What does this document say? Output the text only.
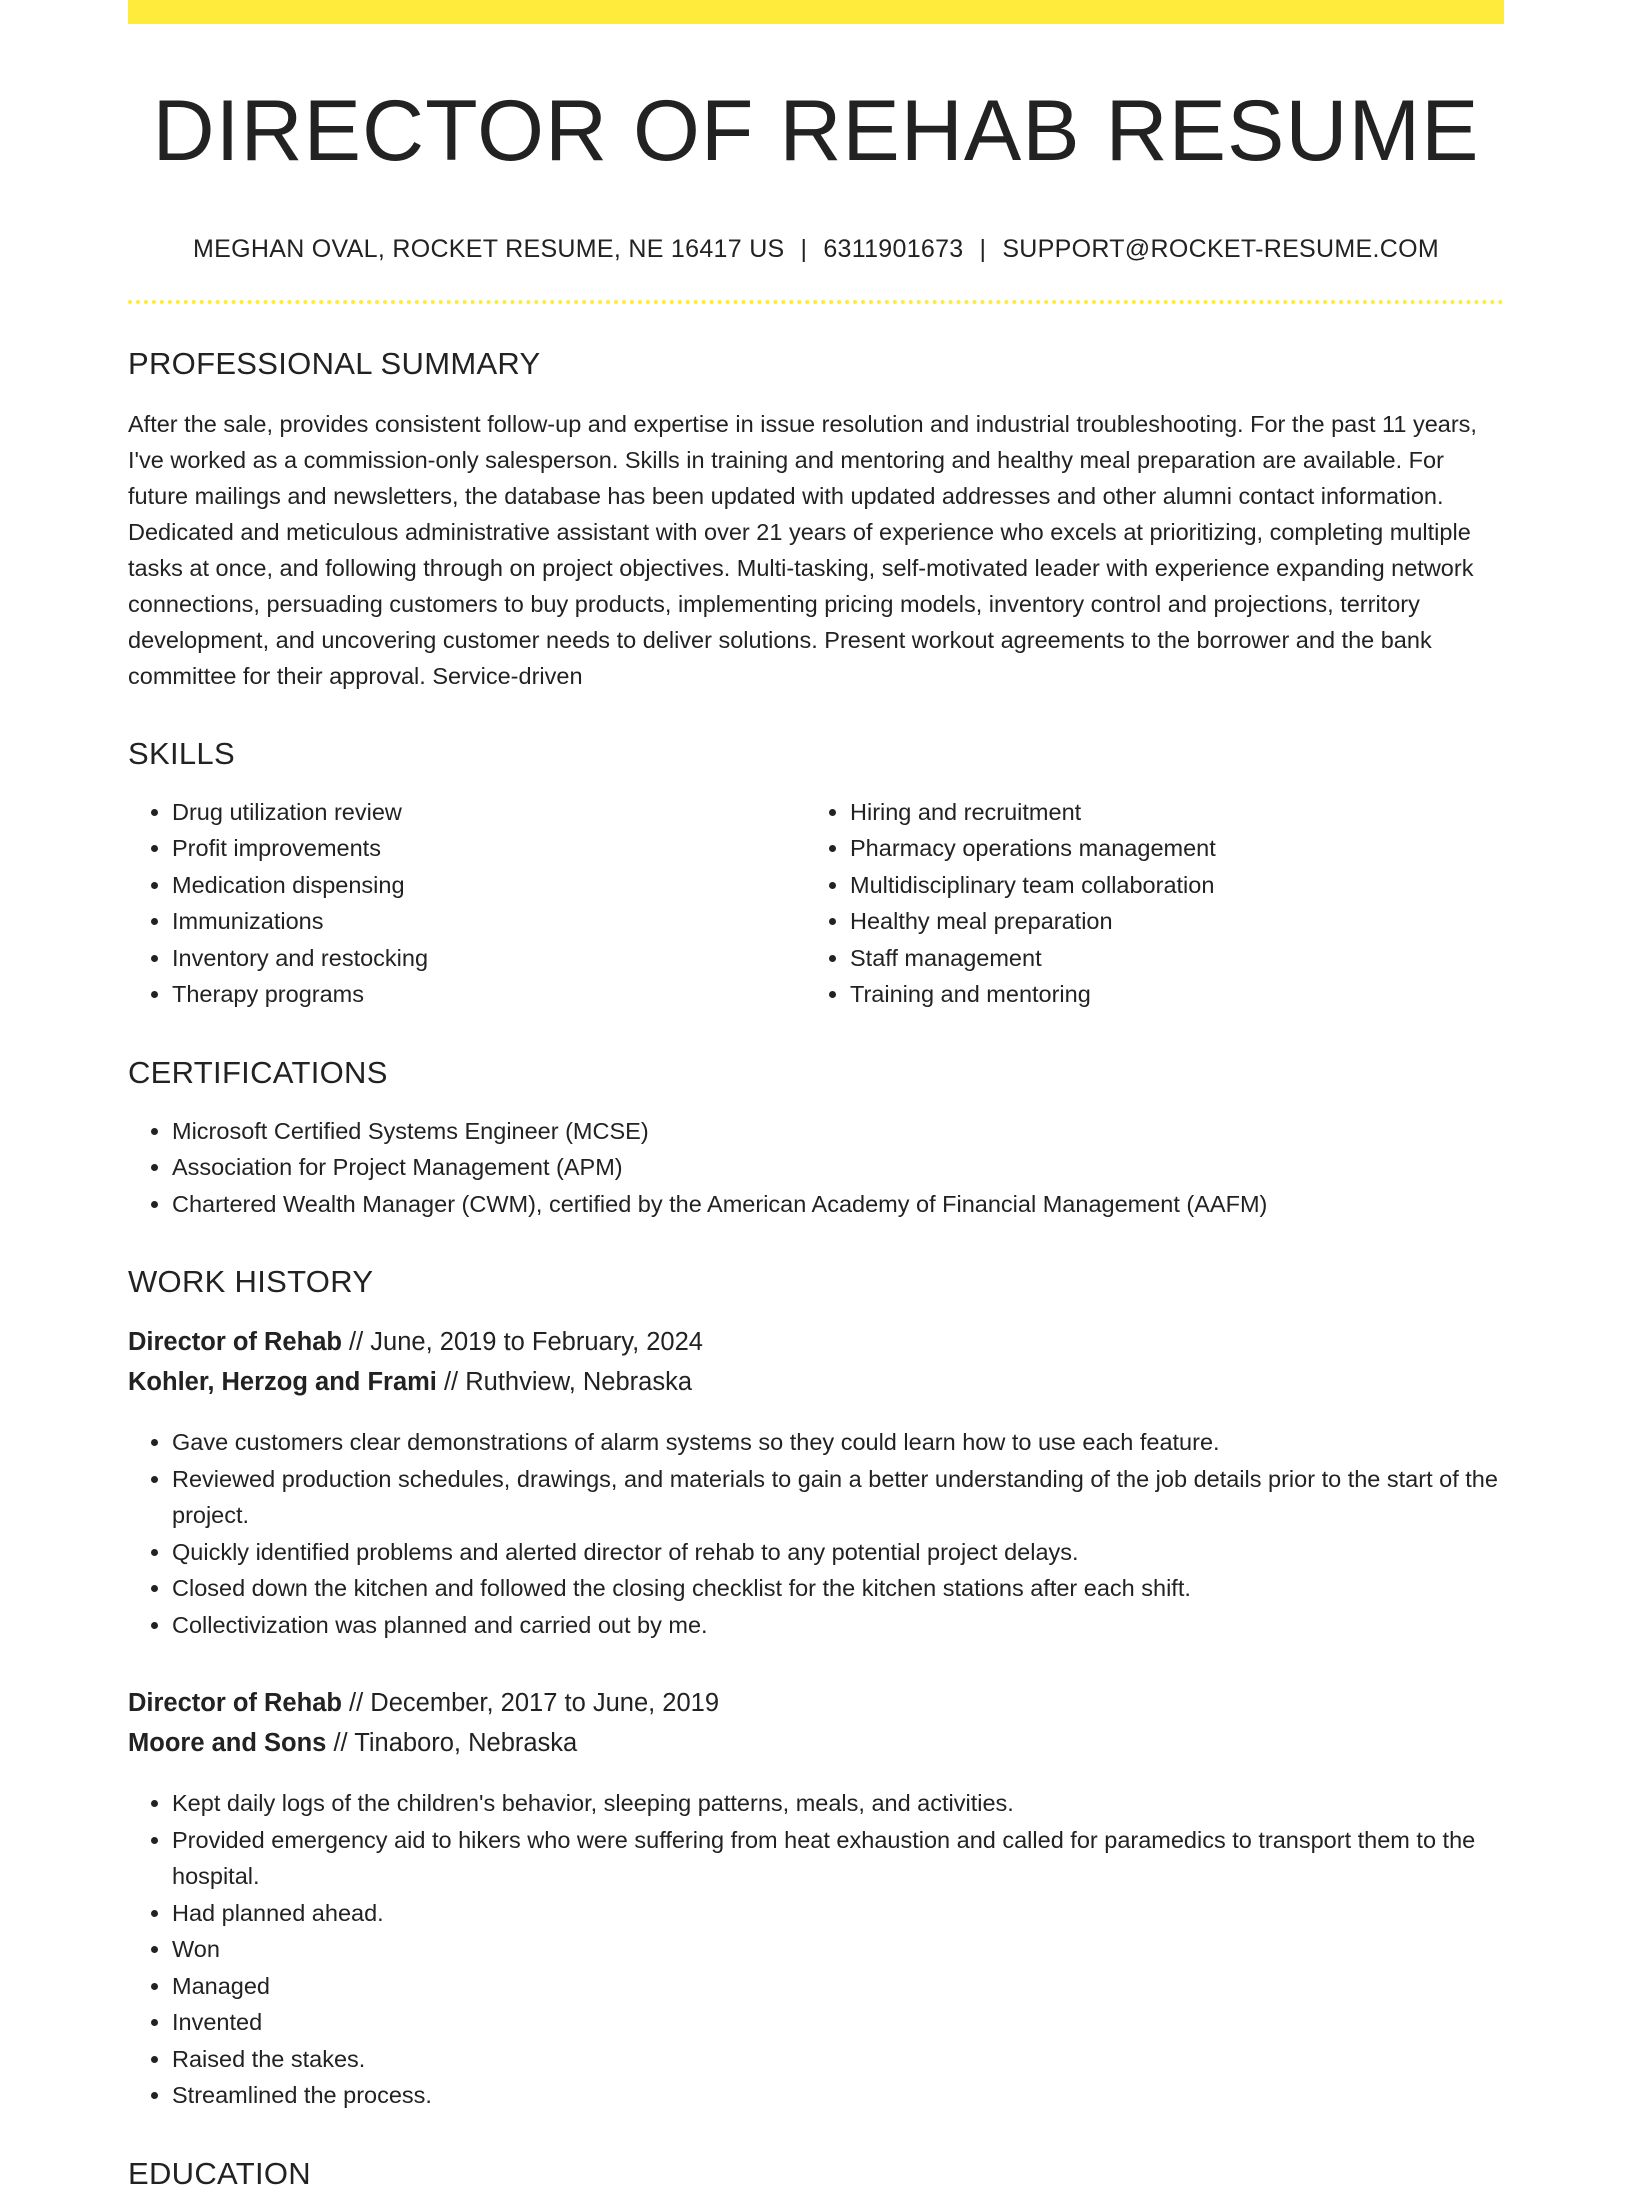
DIRECTOR OF REHAB RESUME
MEGHAN OVAL, ROCKET RESUME, NE 16417 US | 6311901673 | SUPPORT@ROCKET-RESUME.COM
PROFESSIONAL SUMMARY
After the sale, provides consistent follow-up and expertise in issue resolution and industrial troubleshooting. For the past 11 years, I've worked as a commission-only salesperson. Skills in training and mentoring and healthy meal preparation are available. For future mailings and newsletters, the database has been updated with updated addresses and other alumni contact information. Dedicated and meticulous administrative assistant with over 21 years of experience who excels at prioritizing, completing multiple tasks at once, and following through on project objectives. Multi-tasking, self-motivated leader with experience expanding network connections, persuading customers to buy products, implementing pricing models, inventory control and projections, territory development, and uncovering customer needs to deliver solutions. Present workout agreements to the borrower and the bank committee for their approval. Service-driven
SKILLS
• Drug utilization review
• Profit improvements
• Medication dispensing
• Immunizations
• Inventory and restocking
• Therapy programs
• Hiring and recruitment
• Pharmacy operations management
• Multidisciplinary team collaboration
• Healthy meal preparation
• Staff management
• Training and mentoring
CERTIFICATIONS
• Microsoft Certified Systems Engineer (MCSE)
• Association for Project Management (APM)
• Chartered Wealth Manager (CWM), certified by the American Academy of Financial Management (AAFM)
WORK HISTORY
Director of Rehab // June, 2019 to February, 2024
Kohler, Herzog and Frami // Ruthview, Nebraska
• Gave customers clear demonstrations of alarm systems so they could learn how to use each feature.
• Reviewed production schedules, drawings, and materials to gain a better understanding of the job details prior to the start of the project.
• Quickly identified problems and alerted director of rehab to any potential project delays.
• Closed down the kitchen and followed the closing checklist for the kitchen stations after each shift.
• Collectivization was planned and carried out by me.
Director of Rehab // December, 2017 to June, 2019
Moore and Sons // Tinaboro, Nebraska
• Kept daily logs of the children's behavior, sleeping patterns, meals, and activities.
• Provided emergency aid to hikers who were suffering from heat exhaustion and called for paramedics to transport them to the hospital.
• Had planned ahead.
• Won
• Managed
• Invented
• Raised the stakes.
• Streamlined the process.
EDUCATION
